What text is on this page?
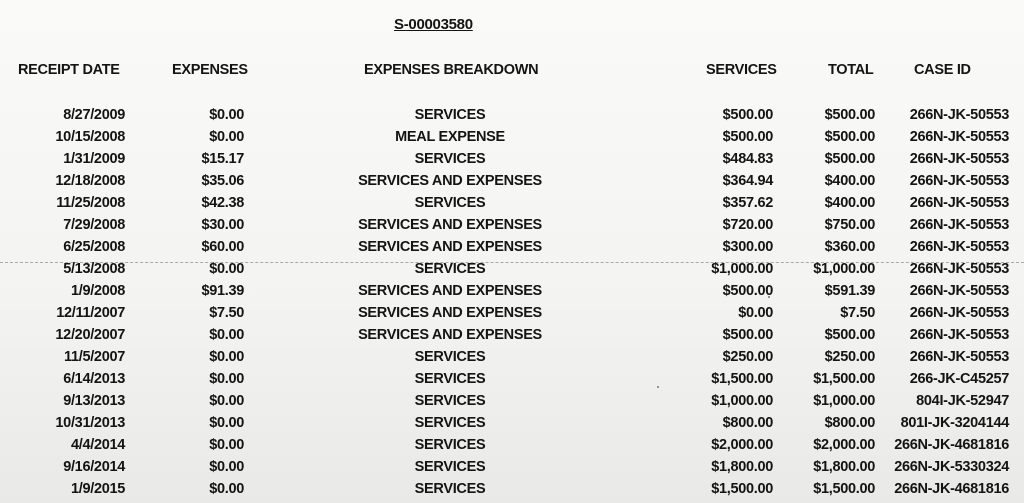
S-00003580
RECEIPT DATE	EXPENSES	EXPENSES BREAKDOWN	SERVICES	TOTAL	CASE ID
8/27/2009	$0.00	SERVICES	$500.00	$500.00 266N-JK-50553
10/15/2008	$0.00	MEAL EXPENSE	$500.00	$500.00 266N-JK-50553
1/31/2009	$15.17	SERVICES	$484.83	$500.00 266N-JK-50553
12/18/2008	$35.06	SERVICES AND EXPENSES	$364.94	$400.00 266N-JK-50553
11/25/2008	$42.38	SERVICES	$357.62	$400.00 266N-JK-50553
7/29/2008	$30.00	SERVICES AND EXPENSES	$720.00	$750.00 266N-JK-50553
6/25/2008	$60.00	SERVICES AND EXPENSES	$300.00	$360.00 266N-JK-50553
5/13/2008	$0.00	SERVICES	$1,000.00	$1,000.00 266N-JK-50553
1/9/2008	$91.39	SERVICES AND EXPENSES	$500.00	$591.39 266N-JK-50553
12/11/2007	$7.50	SERVICES AND EXPENSES	$0.00	$7.50 266N-JK-50553
12/20/2007	$0.00	SERVICES AND EXPENSES	$500.00	$500.00 266N-JK-50553
11/5/2007	$0.00	SERVICES	$250.00	$250.00 266N-JK-50553
6/14/2013	$0.00	SERVICES	$1,500.00	$1,500.00 266-JK-C45257
9/13/2013	$0.00	SERVICES	$1,000.00	$1,000.00	804I-JK-52947
10/31/2013	$0.00	SERVICES	$800.00	$800.00 801I-JK-3204144
4/4/2014	$0.00	SERVICES	$2,000.00	$2,000.00 266N-JK-4681816
9/16/2014	$0.00	SERVICES	$1,800.00	$1,800.00 266N-JK-5330324
1/9/2015	$0.00	SERVICES	$1,500.00	$1,500.00 266N-JK-4681816
